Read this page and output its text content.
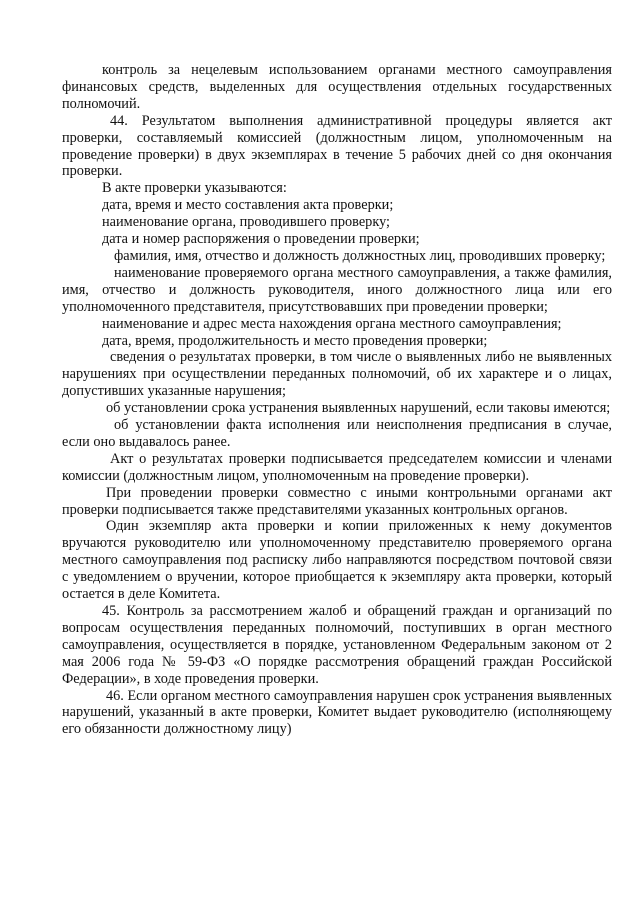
контроль за нецелевым использованием органами местного самоуправления финансовых средств, выделенных для осуществления отдельных государственных полномочий.

44. Результатом выполнения административной процедуры является акт проверки, составляемый комиссией (должностным лицом, уполномоченным на проведение проверки) в двух экземплярах в течение 5 рабочих дней со дня окончания проверки.

В акте проверки указываются:

дата, время и место составления акта проверки;

наименование органа, проводившего проверку;

дата и номер распоряжения о проведении проверки;

фамилия, имя, отчество и должность должностных лиц, проводивших проверку;

наименование проверяемого органа местного самоуправления, а также фамилия, имя, отчество и должность руководителя, иного должностного лица или его уполномоченного представителя, присутствовавших при проведении проверки;

наименование и адрес места нахождения органа местного самоуправления;

дата, время, продолжительность и место проведения проверки;

сведения о результатах проверки, в том числе о выявленных либо не выявленных нарушениях при осуществлении переданных полномочий, об их характере и о лицах, допустивших указанные нарушения;

об установлении срока устранения выявленных нарушений, если таковы имеются;

об установлении факта исполнения или неисполнения предписания в случае, если оно выдавалось ранее.

Акт о результатах проверки подписывается председателем комиссии и членами комиссии (должностным лицом, уполномоченным на проведение проверки).

При проведении проверки совместно с иными контрольными органами акт проверки подписывается также представителями указанных контрольных органов.

Один экземпляр акта проверки и копии приложенных к нему документов вручаются руководителю или уполномоченному представителю проверяемого органа местного самоуправления под расписку либо направляются посредством почтовой связи с уведомлением о вручении, которое приобщается к экземпляру акта проверки, который остается в деле Комитета.

45. Контроль за рассмотрением жалоб и обращений граждан и организаций по вопросам осуществления переданных полномочий, поступивших в орган местного самоуправления, осуществляется в порядке, установленном Федеральным законом от 2 мая 2006 года № 59-ФЗ «О порядке рассмотрения обращений граждан Российской Федерации», в ходе проведения проверки.

46. Если органом местного самоуправления нарушен срок устранения выявленных нарушений, указанный в акте проверки, Комитет выдает руководителю (исполняющему его обязанности должностному лицу)
